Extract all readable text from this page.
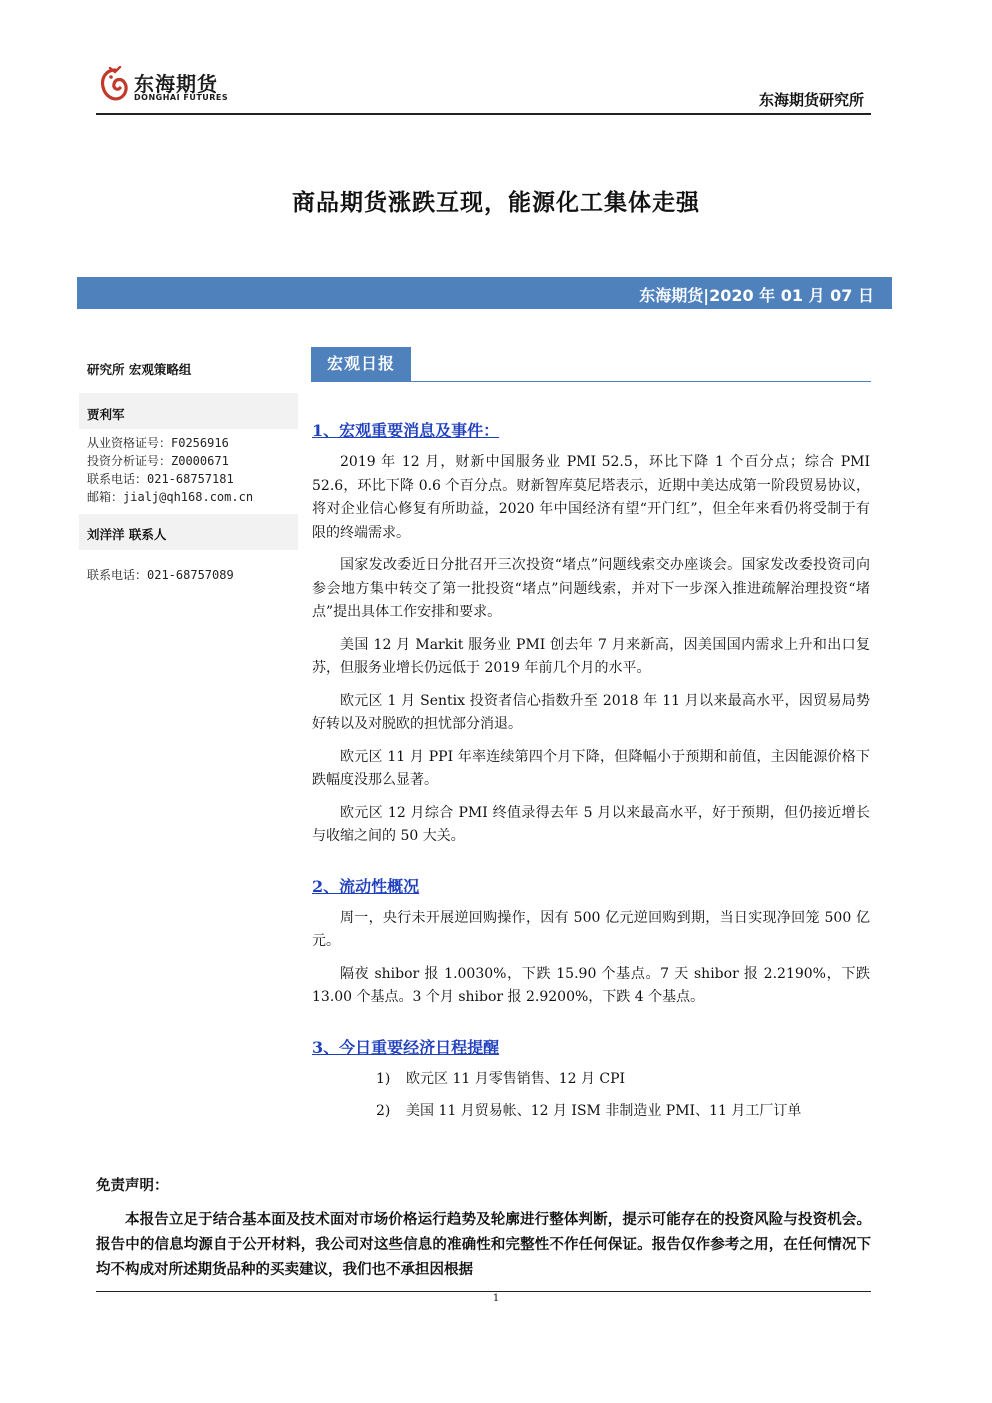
东海期货
DONGHAI FUTURES	东海期货研究所
商品期货涨跌互现，能源化工集体走强
东海期货|2020 年 01 月 07 日
研究所 宏观策略组
贾利军
从业资格证号：F0256916
投资分析证号：Z0000671
联系电话：021-68757181
邮箱：jialj@qh168.com.cn
刘洋洋 联系人
联系电话：021-68757089
宏观日报
1、宏观重要消息及事件：

2019 年 12 月，财新中国服务业 PMI 52.5，环比下降 1 个百分点；综合 PMI 52.6，环比下降 0.6 个百分点。财新智库莫尼塔表示，近期中美达成第一阶段贸易协议，将对企业信心修复有所助益，2020 年中国经济有望“开门红”，但全年来看仍将受制于有限的终端需求。

国家发改委近日分批召开三次投资“堵点”问题线索交办座谈会。国家发改委投资司向参会地方集中转交了第一批投资“堵点”问题线索，并对下一步深入推进疏解治理投资“堵点”提出具体工作安排和要求。

美国 12 月 Markit 服务业 PMI 创去年 7 月来新高，因美国国内需求上升和出口复苏，但服务业增长仍远低于 2019 年前几个月的水平。

欧元区 1 月 Sentix 投资者信心指数升至 2018 年 11 月以来最高水平，因贸易局势好转以及对脱欧的担忧部分消退。

欧元区 11 月 PPI 年率连续第四个月下降，但降幅小于预期和前值，主因能源价格下跌幅度没那么显著。

欧元区 12 月综合 PMI 终值录得去年 5 月以来最高水平，好于预期，但仍接近增长与收缩之间的 50 大关。

2、流动性概况

周一，央行未开展逆回购操作，因有 500 亿元逆回购到期，当日实现净回笼 500 亿元。

隔夜 shibor 报 1.0030%，下跌 15.90 个基点。7 天 shibor 报 2.2190%，下跌 13.00 个基点。3 个月 shibor 报 2.9200%，下跌 4 个基点。

3、今日重要经济日程提醒
1) 欧元区 11 月零售销售、12 月 CPI
2) 美国 11 月贸易帐、12 月 ISM 非制造业 PMI、11 月工厂订单
免责声明：
本报告立足于结合基本面及技术面对市场价格运行趋势及轮廓进行整体判断，提示可能存在的投资风险与投资机会。报告中的信息均源自于公开材料，我公司对这些信息的准确性和完整性不作任何保证。报告仅作参考之用，在任何情况下均不构成对所述期货品种的买卖建议，我们也不承担因根据
1
